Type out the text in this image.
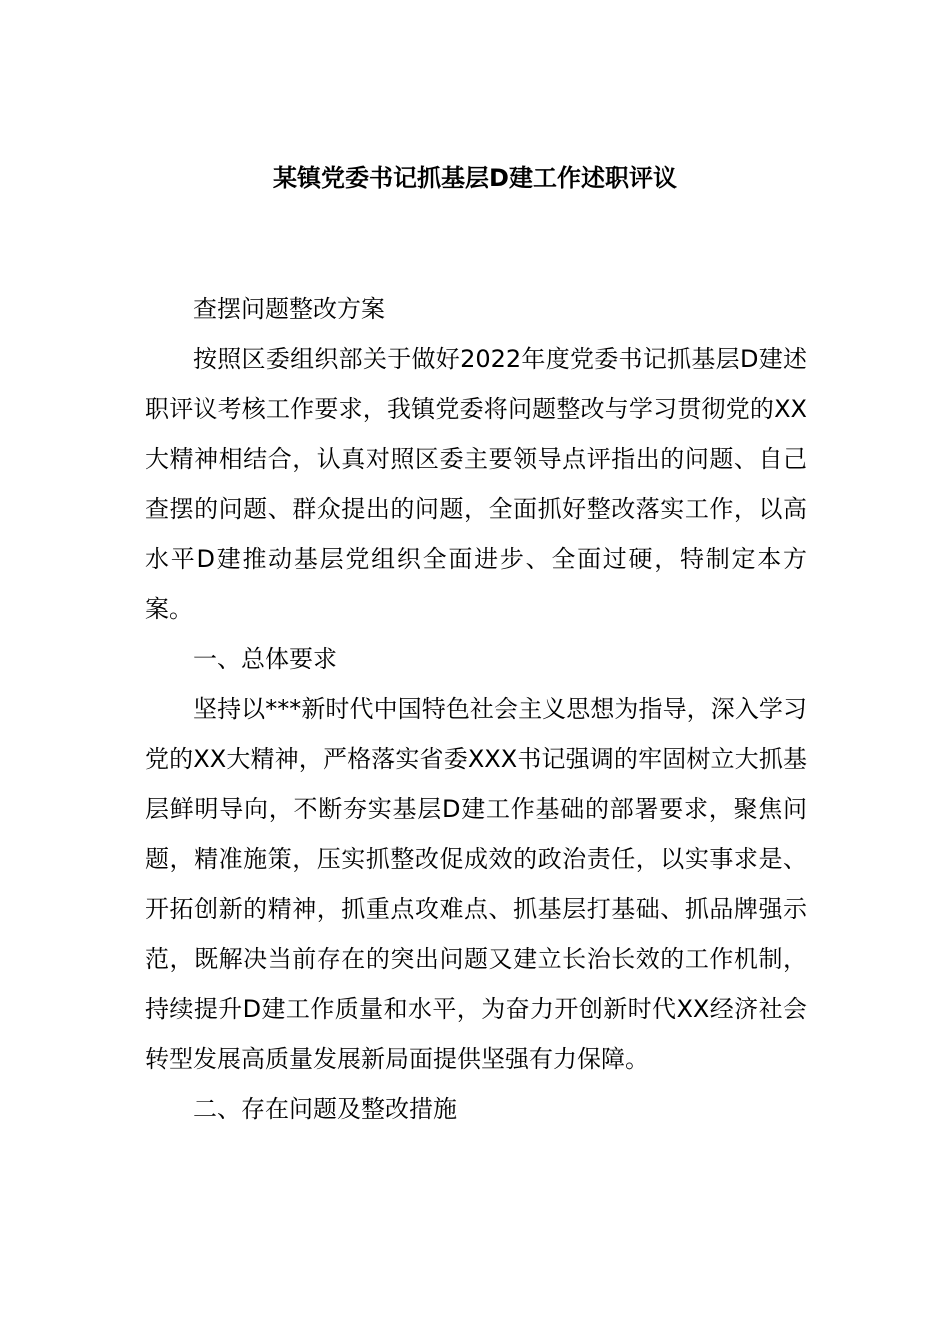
某镇党委书记抓基层D建工作述职评议

查摆问题整改方案

按照区委组织部关于做好2022年度党委书记抓基层D建述职评议考核工作要求，我镇党委将问题整改与学习贯彻党的XX大精神相结合，认真对照区委主要领导点评指出的问题、自己查摆的问题、群众提出的问题，全面抓好整改落实工作，以高水平D建推动基层党组织全面进步、全面过硬，特制定本方案。

一、总体要求

坚持以***新时代中国特色社会主义思想为指导，深入学习党的XX大精神，严格落实省委XXX书记强调的牢固树立大抓基层鲜明导向，不断夯实基层D建工作基础的部署要求，聚焦问题，精准施策，压实抓整改促成效的政治责任，以实事求是、开拓创新的精神，抓重点攻难点、抓基层打基础、抓品牌强示范，既解决当前存在的突出问题又建立长治长效的工作机制，持续提升D建工作质量和水平，为奋力开创新时代XX经济社会转型发展高质量发展新局面提供坚强有力保障。

二、存在问题及整改措施
